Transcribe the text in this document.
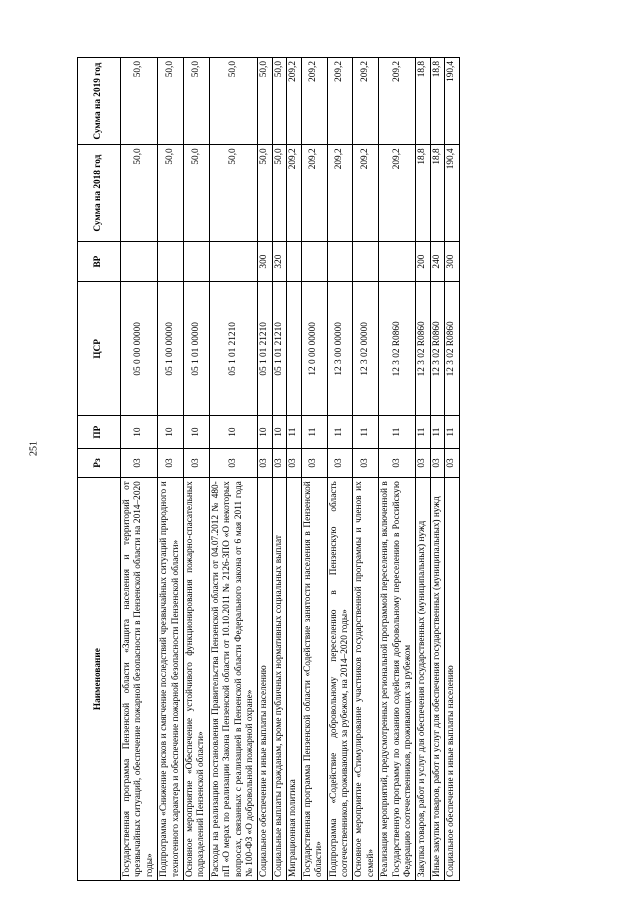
251
Наименование	Рз	ПР	ЦСР	ВР	Сумма на 2018 год	Сумма на 2019 год
Государственная программа Пензенской области «Защита населения и территорий от чрезвычайных ситуаций, обеспечение пожарной безопасности в Пензенской области на 2014–2020 годы»	03	10	05 0 00 00000		50,0	50,0
Подпрограмма «Снижение рисков и смягчение последствий чрезвычайных ситуаций природного и техногенного характера и обеспечение пожарной безопасности Пензенской области»	03	10	05 1 00 00000		50,0	50,0
Основное мероприятие «Обеспечение устойчивого функционирования пожарно-спасательных подразделений Пензенской области»	03	10	05 1 01 00000		50,0	50,0
Расходы на реализацию постановления Правительства Пензенской области от 04.07.2012 № 480-пП «О мерах по реализации Закона Пензенской области от 10.10.2011 № 2126-ЗПО «О некоторых вопросах, связанных с реализацией в Пензенской области Федерального закона от 6 мая 2011 года № 100-ФЗ «О добровольной пожарной охране»	03	10	05 1 01 21210		50,0	50,0
Социальное обеспечение и иные выплаты населению	03	10	05 1 01 21210	300	50,0	50,0
Социальные выплаты гражданам, кроме публичных нормативных социальных выплат	03	10	05 1 01 21210	320	50,0	50,0
Миграционная политика	03	11			209,2	209,2
Государственная программа Пензенской области «Содействие занятости населения в Пензенской области»	03	11	12 0 00 00000		209,2	209,2
Подпрограмма «Содействие добровольному переселению в Пензенскую область соотечественников, проживающих за рубежом, на 2014–2020 годы»	03	11	12 3 00 00000		209,2	209,2
Основное мероприятие «Стимулирование участников государственной программы и членов их семей»	03	11	12 3 02 00000		209,2	209,2
Реализация мероприятий, предусмотренных региональной программой переселения, включенной в Государственную программу по оказанию содействия добровольному переселению в Российскую Федерацию соотечественников, проживающих за рубежом	03	11	12 3 02 R0860		209,2	209,2
Закупка товаров, работ и услуг для обеспечения государственных (муниципальных) нужд	03	11	12 3 02 R0860	200	18,8	18,8
Иные закупки товаров, работ и услуг для обеспечения государственных (муниципальных) нужд	03	11	12 3 02 R0860	240	18,8	18,8
Социальное обеспечение и иные выплаты населению	03	11	12 3 02 R0860	300	190,4	190,4
